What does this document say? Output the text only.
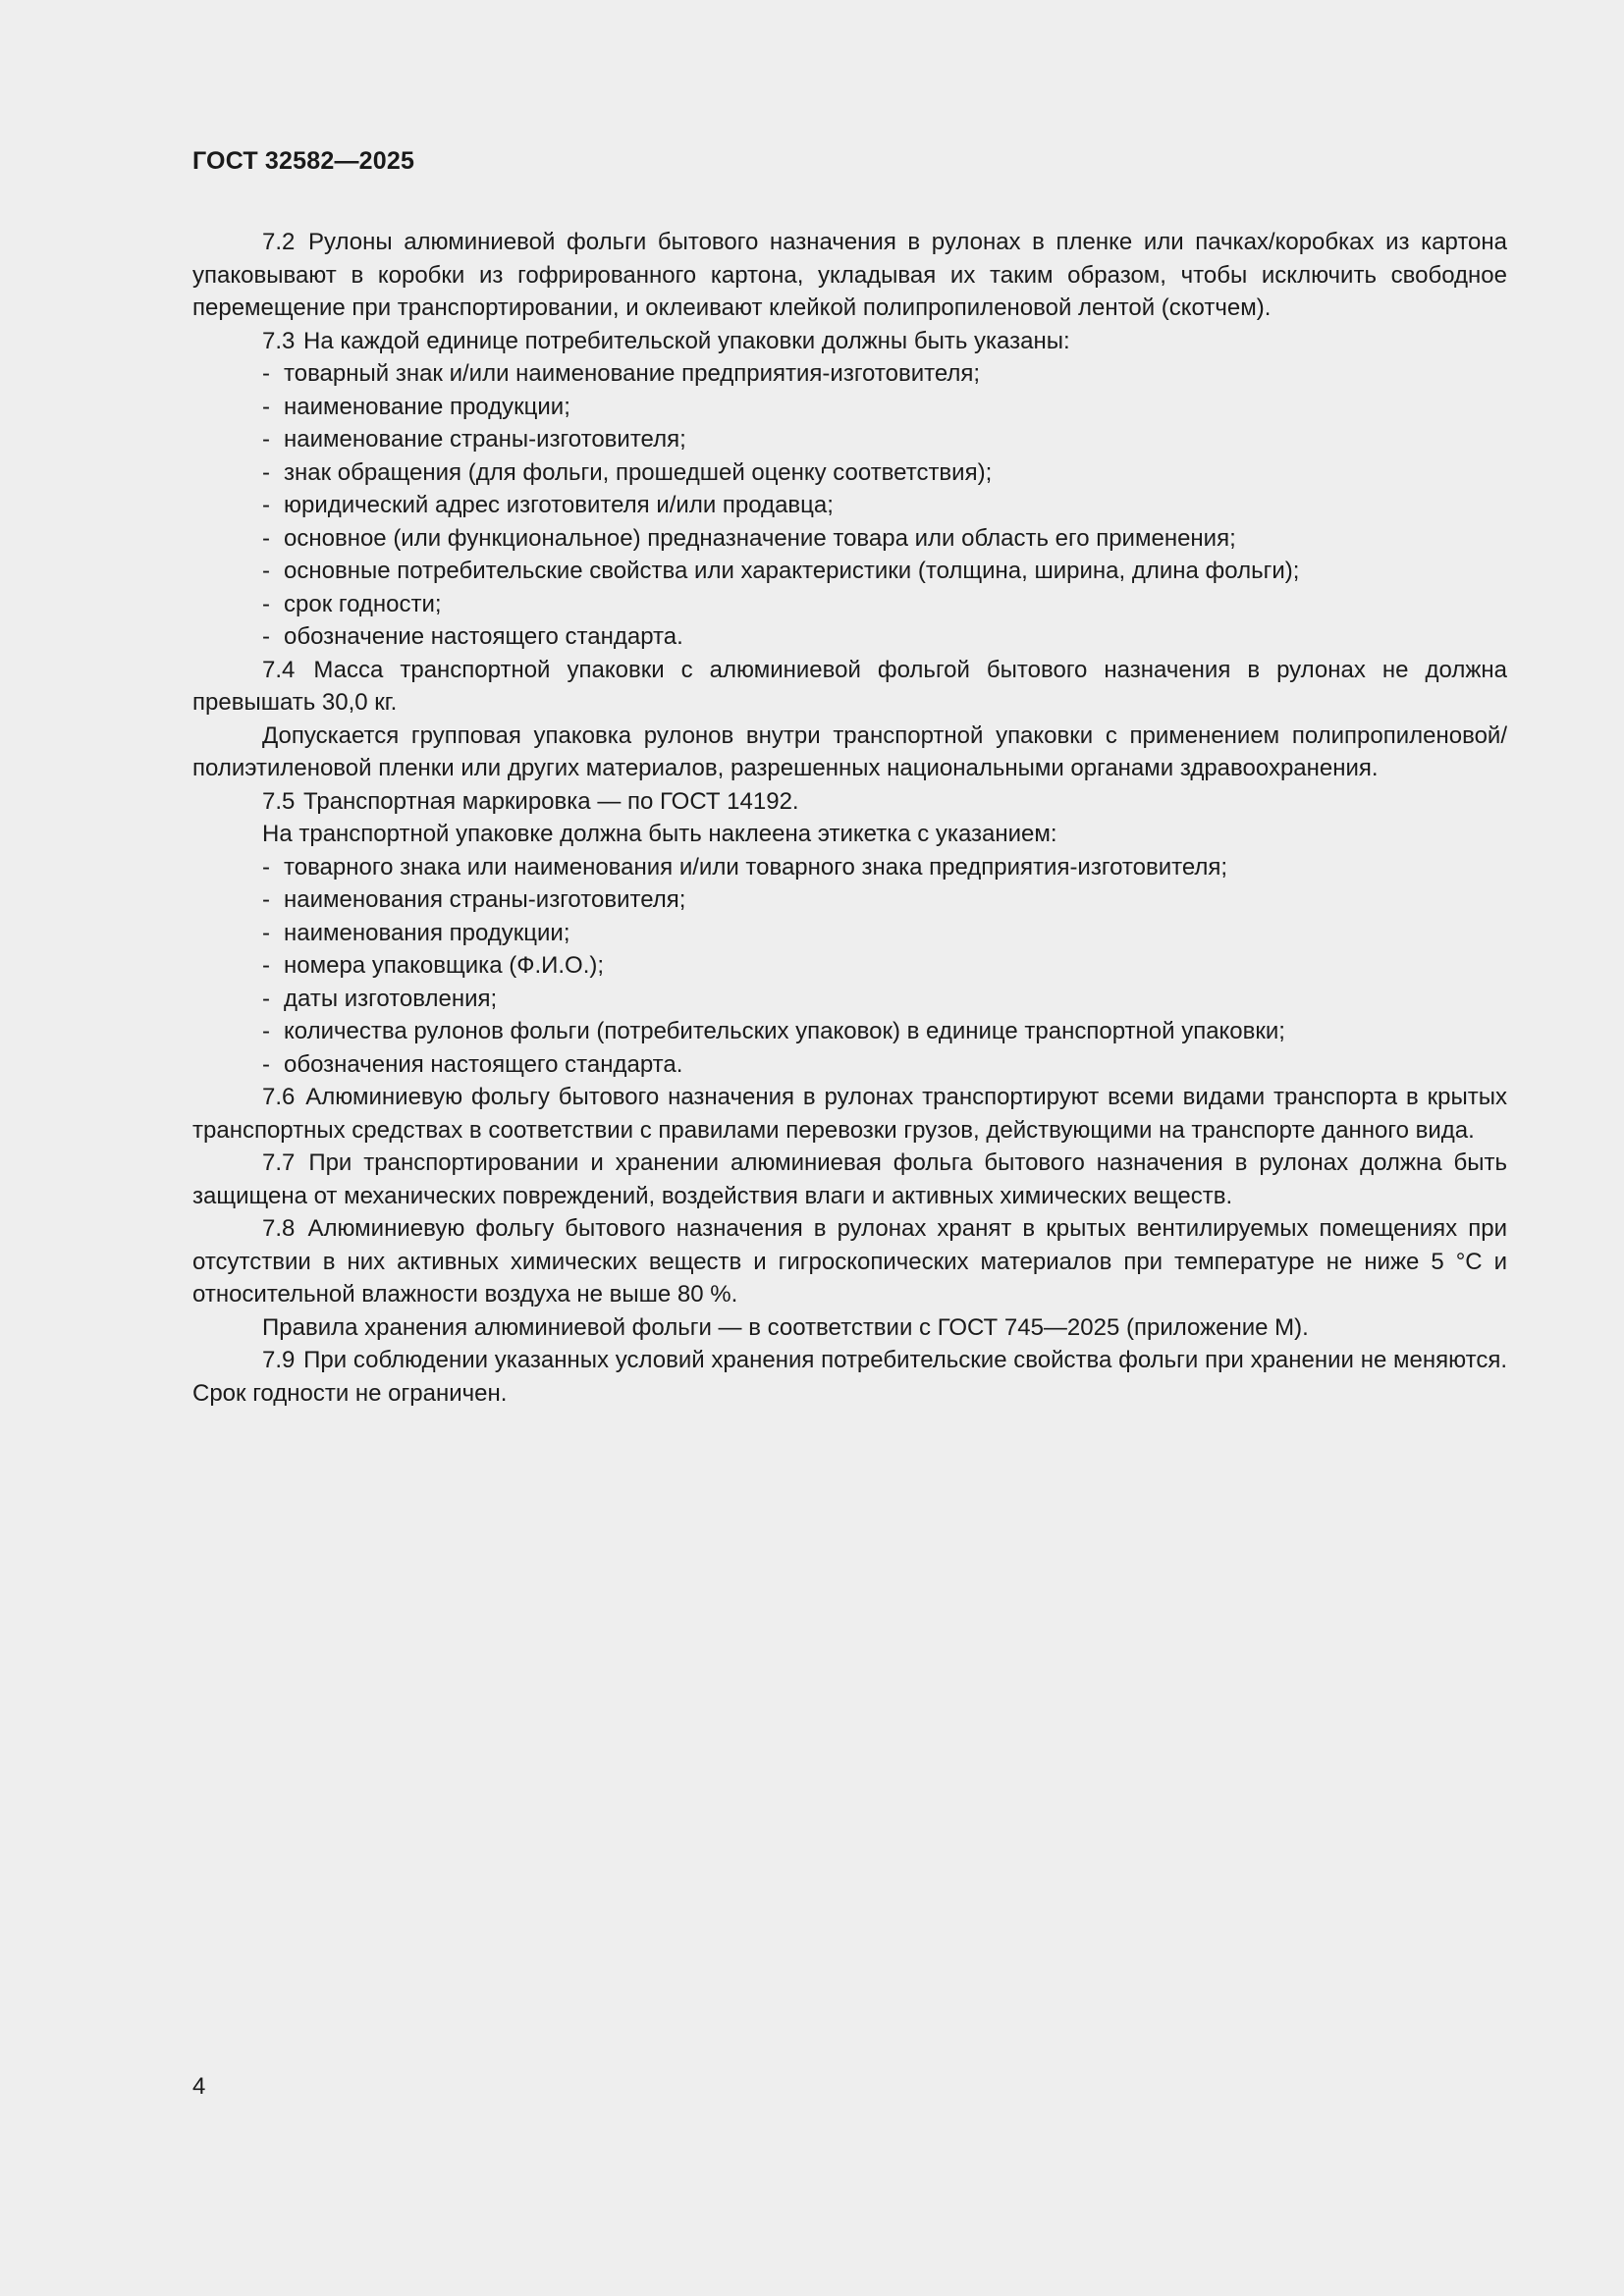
ГОСТ 32582—2025

7.2 Рулоны алюминиевой фольги бытового назначения в рулонах в пленке или пачках/коробках из картона упаковывают в коробки из гофрированного картона, укладывая их таким образом, чтобы исключить свободное перемещение при транспортировании, и оклеивают клейкой полипропиленовой лентой (скотчем).

7.3 На каждой единице потребительской упаковки должны быть указаны:

- товарный знак и/или наименование предприятия-изготовителя;

- наименование продукции;

- наименование страны-изготовителя;

- знак обращения (для фольги, прошедшей оценку соответствия);

- юридический адрес изготовителя и/или продавца;

- основное (или функциональное) предназначение товара или область его применения;

- основные потребительские свойства или характеристики (толщина, ширина, длина фольги);

- срок годности;

- обозначение настоящего стандарта.

7.4 Масса транспортной упаковки с алюминиевой фольгой бытового назначения в рулонах не должна превышать 30,0 кг.

Допускается групповая упаковка рулонов внутри транспортной упаковки с применением полипропиленовой/полиэтиленовой пленки или других материалов, разрешенных национальными органами здравоохранения.

7.5 Транспортная маркировка — по ГОСТ 14192.

На транспортной упаковке должна быть наклеена этикетка с указанием:

- товарного знака или наименования и/или товарного знака предприятия-изготовителя;

- наименования страны-изготовителя;

- наименования продукции;

- номера упаковщика (Ф.И.О.);

- даты изготовления;

- количества рулонов фольги (потребительских упаковок) в единице транспортной упаковки;

- обозначения настоящего стандарта.

7.6 Алюминиевую фольгу бытового назначения в рулонах транспортируют всеми видами транспорта в крытых транспортных средствах в соответствии с правилами перевозки грузов, действующими на транспорте данного вида.

7.7 При транспортировании и хранении алюминиевая фольга бытового назначения в рулонах должна быть защищена от механических повреждений, воздействия влаги и активных химических веществ.

7.8 Алюминиевую фольгу бытового назначения в рулонах хранят в крытых вентилируемых помещениях при отсутствии в них активных химических веществ и гигроскопических материалов при температуре не ниже 5 °С и относительной влажности воздуха не выше 80 %.

Правила хранения алюминиевой фольги — в соответствии с ГОСТ 745—2025 (приложение М).

7.9 При соблюдении указанных условий хранения потребительские свойства фольги при хранении не меняются. Срок годности не ограничен.

4
